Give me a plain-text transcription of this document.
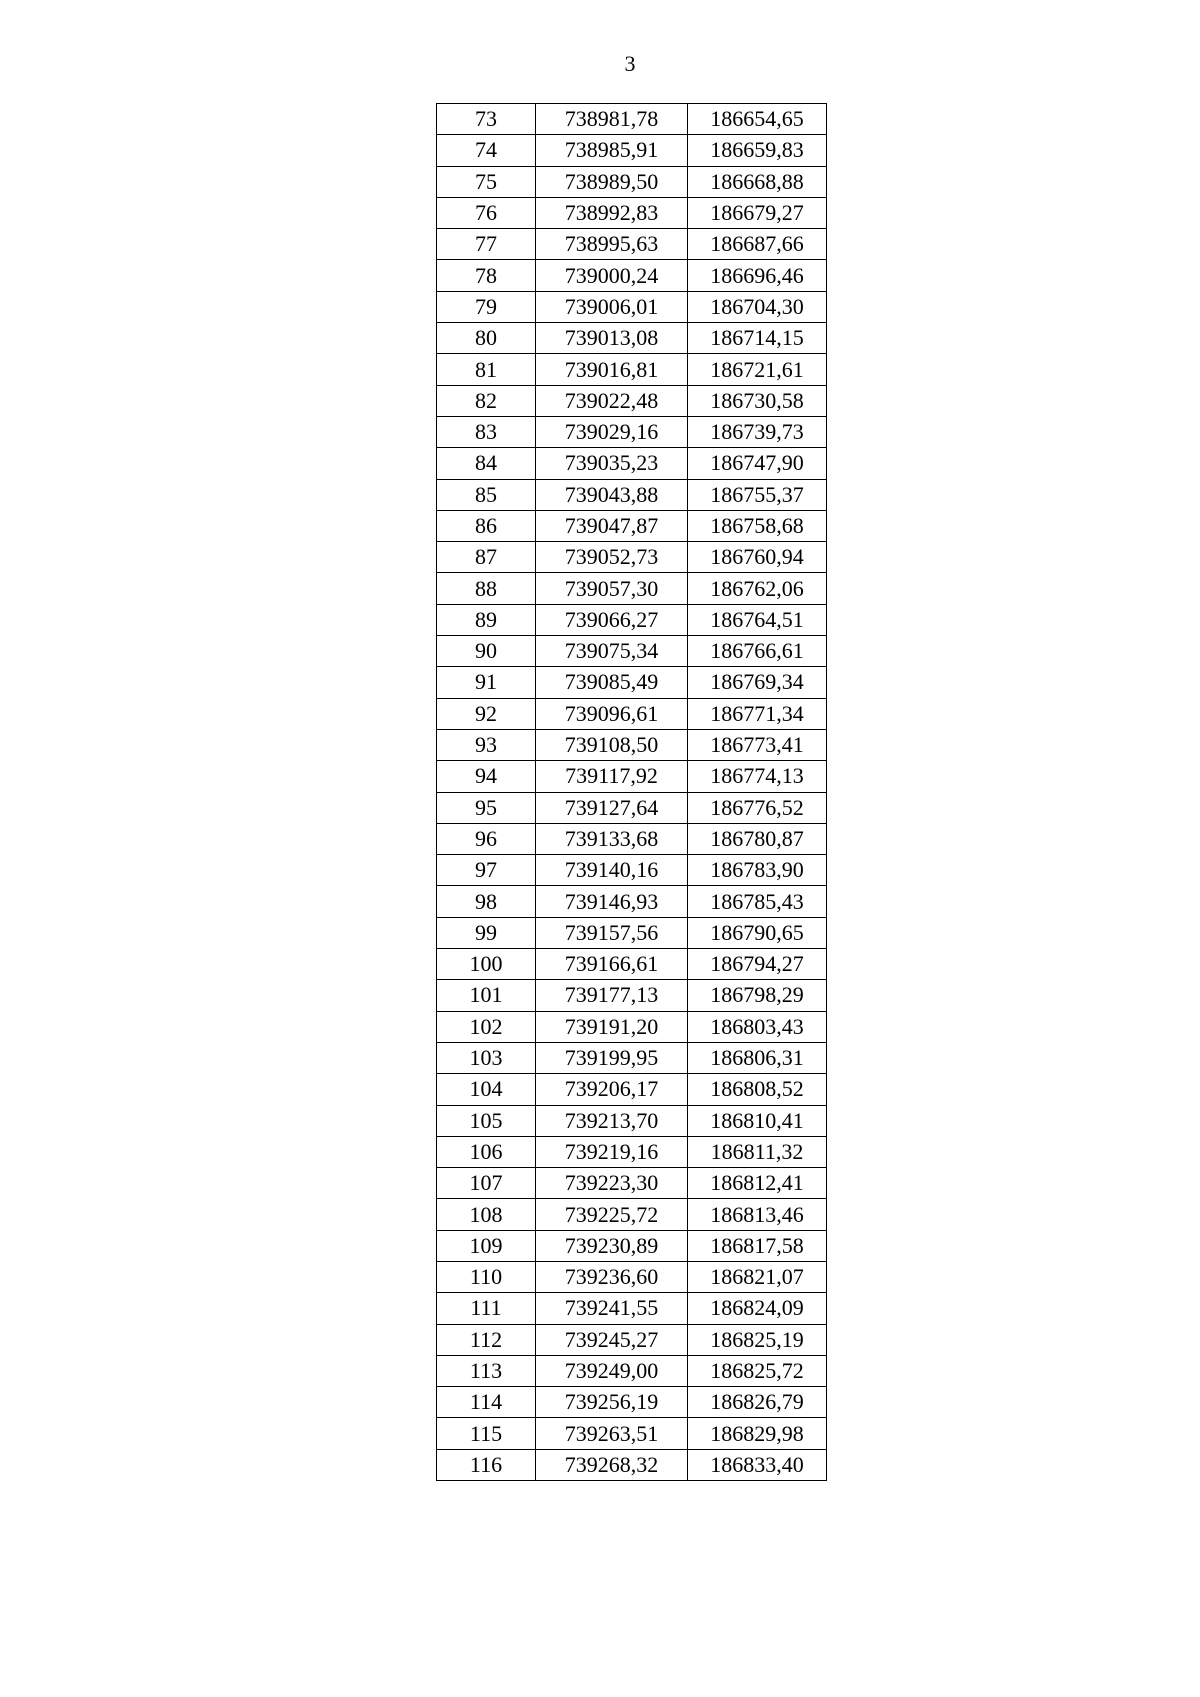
3
73	738981,78	186654,65
74	738985,91	186659,83
75	738989,50	186668,88
76	738992,83	186679,27
77	738995,63	186687,66
78	739000,24	186696,46
79	739006,01	186704,30
80	739013,08	186714,15
81	739016,81	186721,61
82	739022,48	186730,58
83	739029,16	186739,73
84	739035,23	186747,90
85	739043,88	186755,37
86	739047,87	186758,68
87	739052,73	186760,94
88	739057,30	186762,06
89	739066,27	186764,51
90	739075,34	186766,61
91	739085,49	186769,34
92	739096,61	186771,34
93	739108,50	186773,41
94	739117,92	186774,13
95	739127,64	186776,52
96	739133,68	186780,87
97	739140,16	186783,90
98	739146,93	186785,43
99	739157,56	186790,65
100	739166,61	186794,27
101	739177,13	186798,29
102	739191,20	186803,43
103	739199,95	186806,31
104	739206,17	186808,52
105	739213,70	186810,41
106	739219,16	186811,32
107	739223,30	186812,41
108	739225,72	186813,46
109	739230,89	186817,58
110	739236,60	186821,07
111	739241,55	186824,09
112	739245,27	186825,19
113	739249,00	186825,72
114	739256,19	186826,79
115	739263,51	186829,98
116	739268,32	186833,40
